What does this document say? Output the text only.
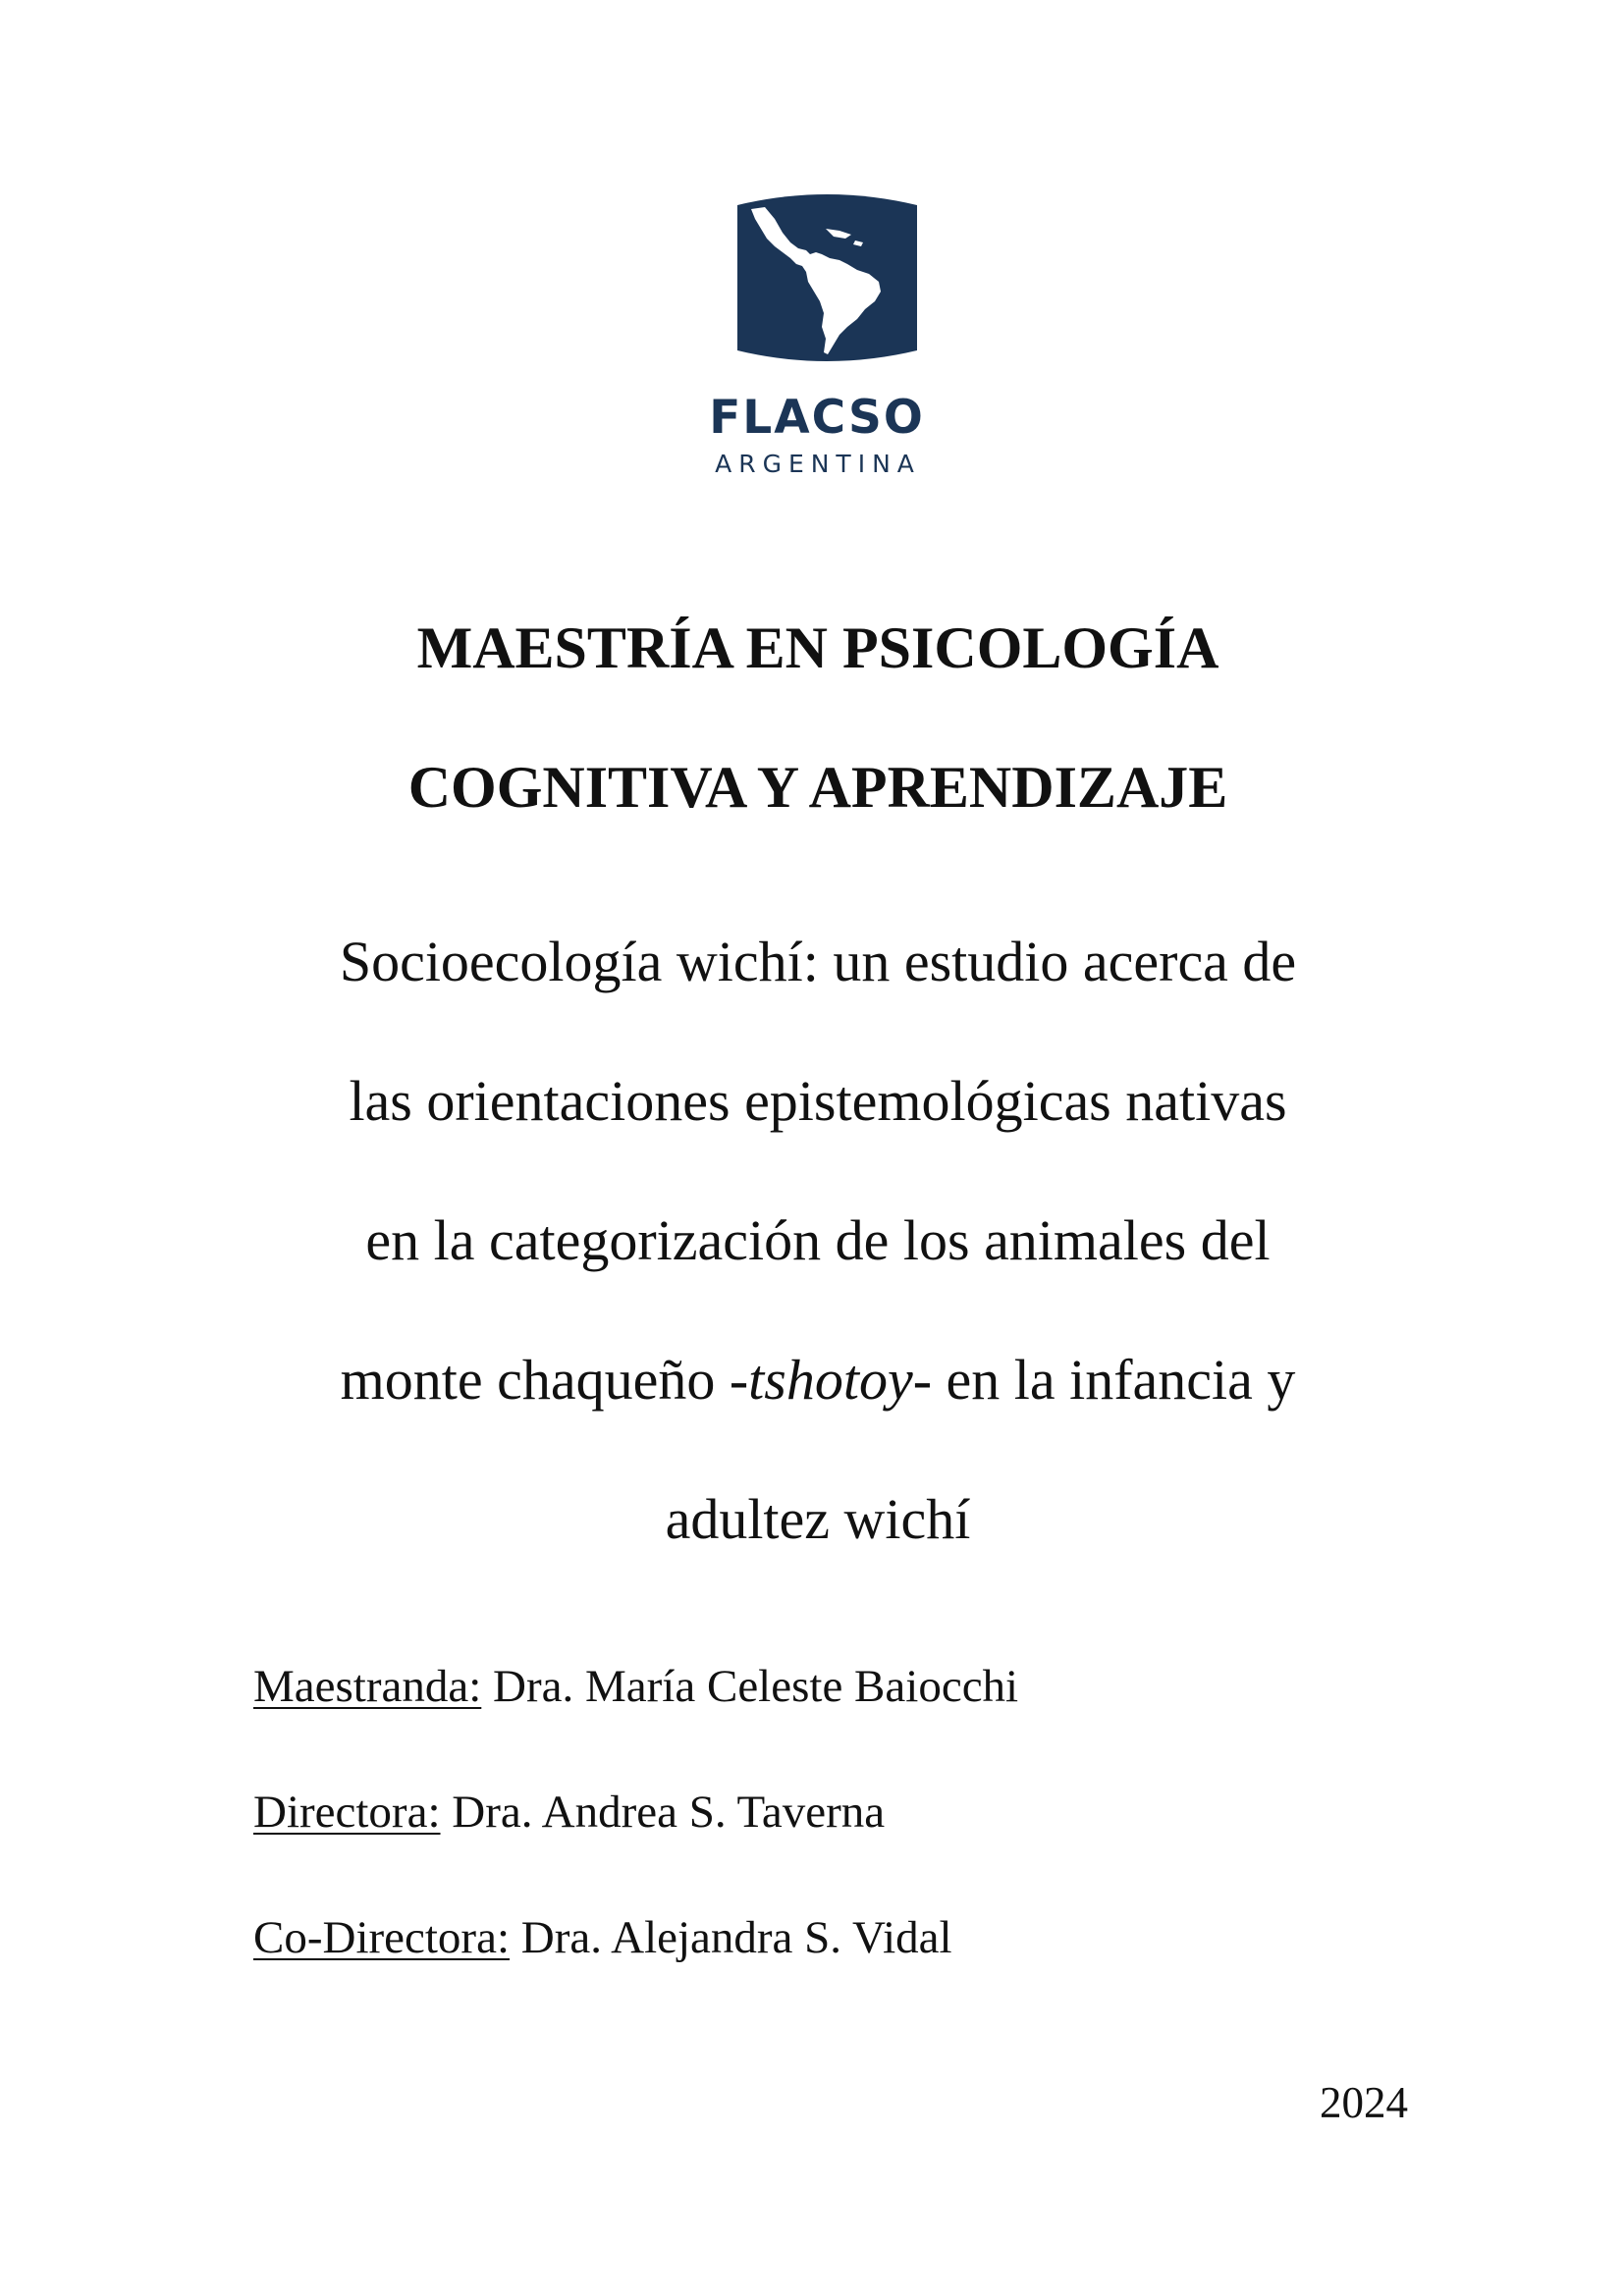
FLACSO
ARGENTINA
MAESTRÍA EN PSICOLOGÍA
COGNITIVA Y APRENDIZAJE
Socioecología wichí: un estudio acerca de
las orientaciones epistemológicas nativas
en la categorización de los animales del
monte chaqueño -tshotoy- en la infancia y
adultez wichí
Maestranda: Dra. María Celeste Baiocchi
Directora: Dra. Andrea S. Taverna
Co-Directora: Dra. Alejandra S. Vidal
2024
